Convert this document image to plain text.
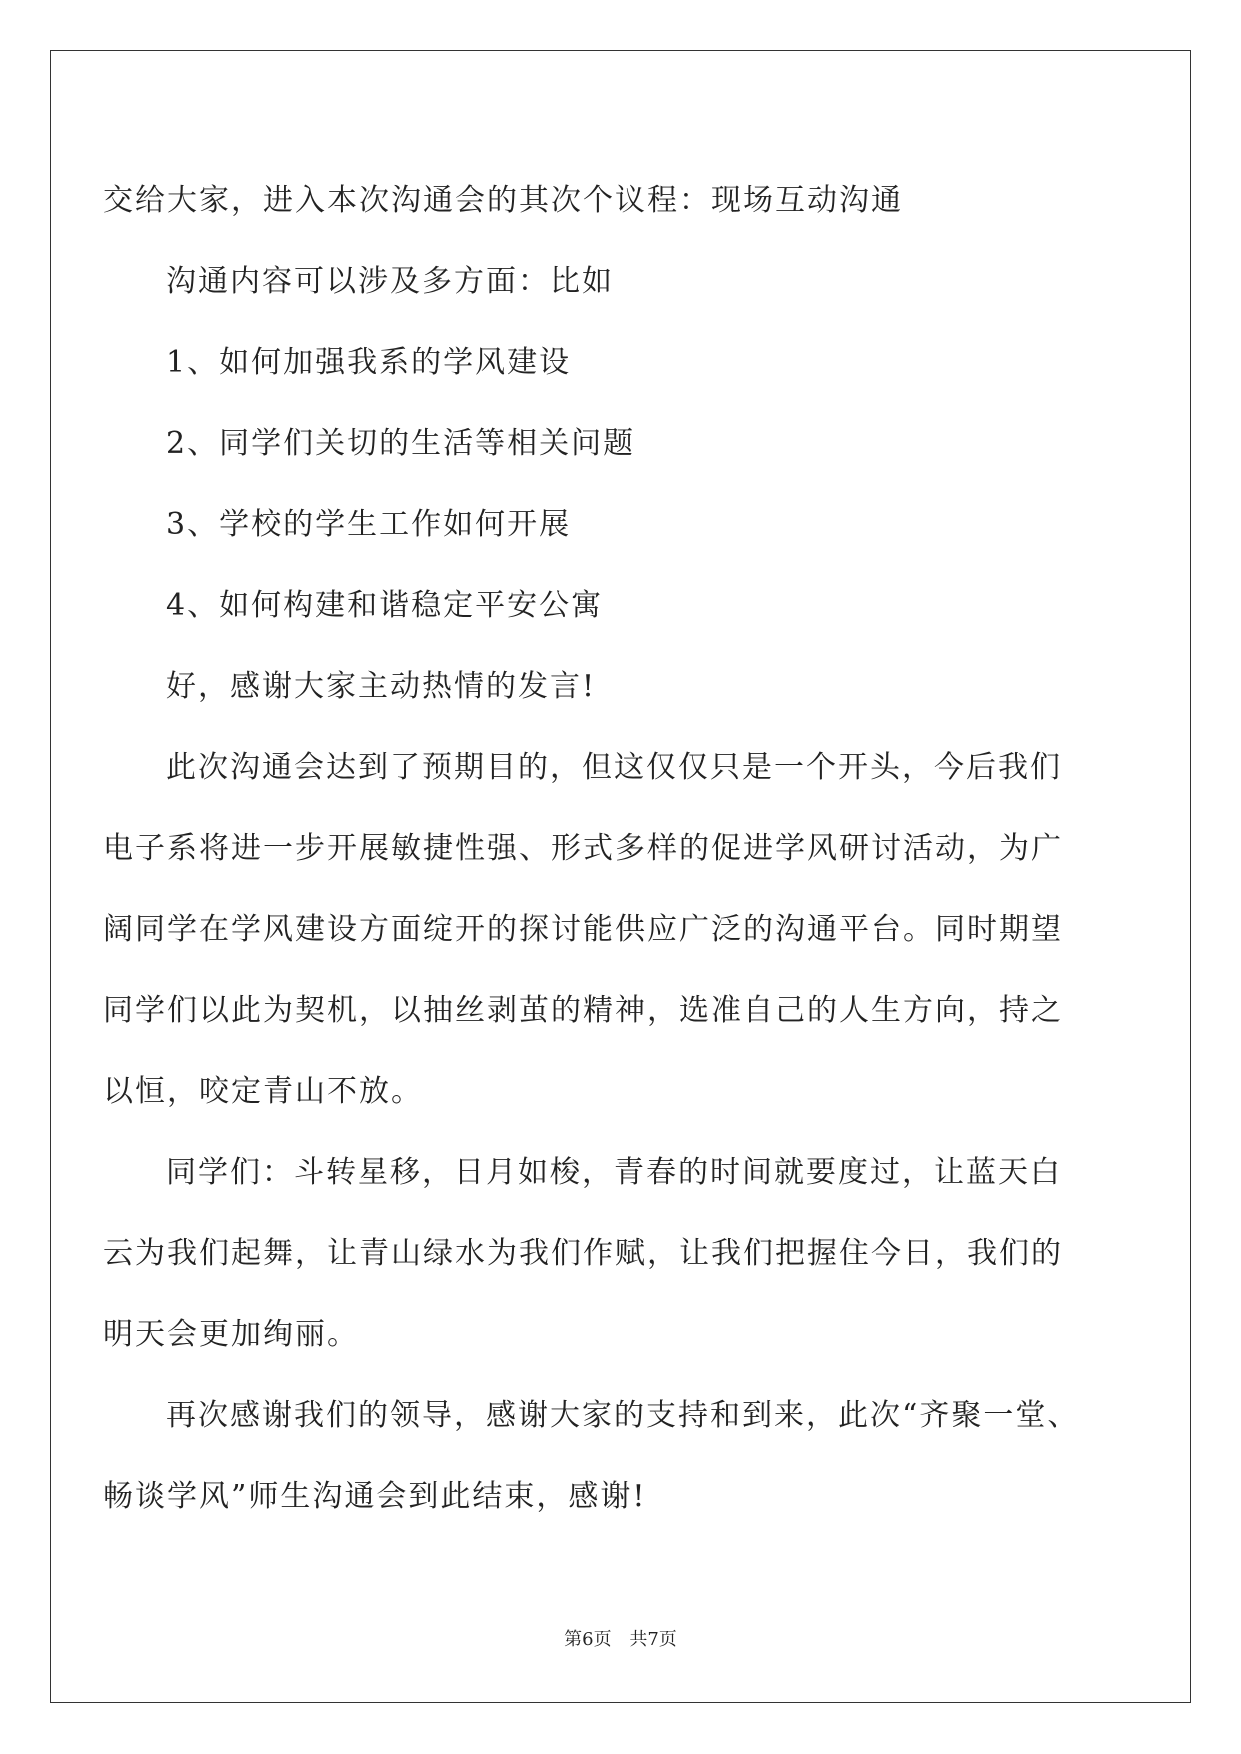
交给大家，进入本次沟通会的其次个议程：现场互动沟通

沟通内容可以涉及多方面：比如

1、如何加强我系的学风建设

2、同学们关切的生活等相关问题

3、学校的学生工作如何开展

4、如何构建和谐稳定平安公寓

好，感谢大家主动热情的发言!

此次沟通会达到了预期目的，但这仅仅只是一个开头，今后我们

电子系将进一步开展敏捷性强、形式多样的促进学风研讨活动，为广

阔同学在学风建设方面绽开的探讨能供应广泛的沟通平台。同时期望

同学们以此为契机，以抽丝剥茧的精神，选准自己的人生方向，持之

以恒，咬定青山不放。

同学们：斗转星移，日月如梭，青春的时间就要度过，让蓝天白

云为我们起舞，让青山绿水为我们作赋，让我们把握住今日，我们的

明天会更加绚丽。

再次感谢我们的领导，感谢大家的支持和到来，此次“齐聚一堂、

畅谈学风”师生沟通会到此结束，感谢!

第6页 共7页
